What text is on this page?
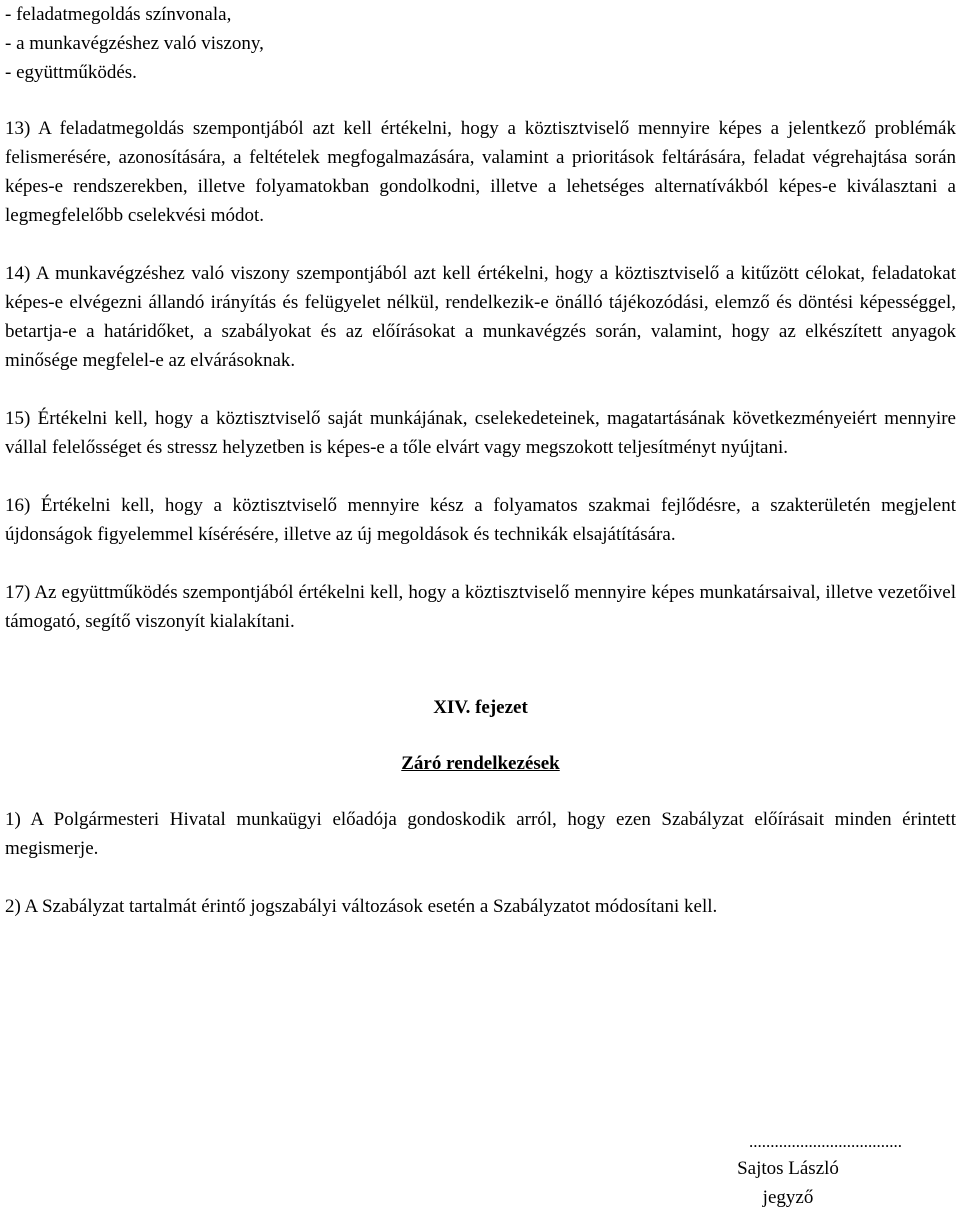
- feladatmegoldás színvonala,
- a munkavégzéshez való viszony,
- együttműködés.

13) A feladatmegoldás szempontjából azt kell értékelni, hogy a köztisztviselő mennyire képes a jelentkező problémák felismerésére, azonosítására, a feltételek megfogalmazására, valamint a prioritások feltárására, feladat végrehajtása során képes-e rendszerekben, illetve folyamatokban gondolkodni, illetve a lehetséges alternatívákból képes-e kiválasztani a legmegfelelőbb cselekvési módot.

14) A munkavégzéshez való viszony szempontjából azt kell értékelni, hogy a köztisztviselő a kitűzött célokat, feladatokat képes-e elvégezni állandó irányítás és felügyelet nélkül, rendelkezik-e önálló tájékozódási, elemző és döntési képességgel, betartja-e a határidőket, a szabályokat és az előírásokat a munkavégzés során, valamint, hogy az elkészített anyagok minősége megfelel-e az elvárásoknak.

15) Értékelni kell, hogy a köztisztviselő saját munkájának, cselekedeteinek, magatartásának következményeiért mennyire vállal felelősséget és stressz helyzetben is képes-e a tőle elvárt vagy megszokott teljesítményt nyújtani.

16) Értékelni kell, hogy a köztisztviselő mennyire kész a folyamatos szakmai fejlődésre, a szakterületén megjelent újdonságok figyelemmel kísérésére, illetve az új megoldások és technikák elsajátítására.

17) Az együttműködés szempontjából értékelni kell, hogy a köztisztviselő mennyire képes munkatársaival, illetve vezetőivel támogató, segítő viszonyít kialakítani.

XIV. fejezet

Záró rendelkezések

1) A Polgármesteri Hivatal munkaügyi előadója gondoskodik arról, hogy ezen Szabályzat előírásait minden érintett megismerje.

2) A Szabályzat tartalmát érintő jogszabályi változások esetén a Szabályzatot módosítani kell.

....................................
Sajtos László
jegyző
